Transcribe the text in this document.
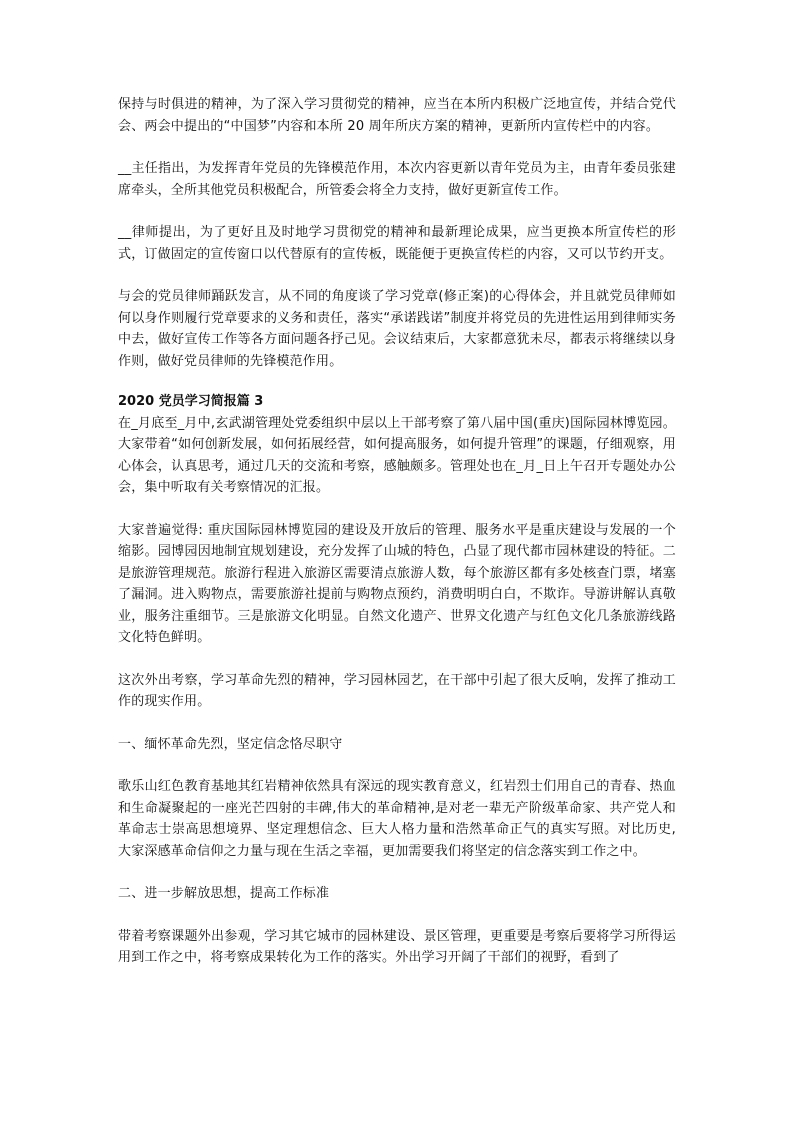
保持与时俱进的精神，为了深入学习贯彻党的精神，应当在本所内积极广泛地宣传，并结合党代会、两会中提出的“中国梦”内容和本所 20 周年所庆方案的精神，更新所内宣传栏中的内容。

__主任指出，为发挥青年党员的先锋模范作用，本次内容更新以青年党员为主，由青年委员张建席牵头，全所其他党员积极配合，所管委会将全力支持，做好更新宣传工作。

__律师提出，为了更好且及时地学习贯彻党的精神和最新理论成果，应当更换本所宣传栏的形式，订做固定的宣传窗口以代替原有的宣传板，既能便于更换宣传栏的内容，又可以节约开支。

与会的党员律师踊跃发言，从不同的角度谈了学习党章(修正案)的心得体会，并且就党员律师如何以身作则履行党章要求的义务和责任，落实“承诺践诺”制度并将党员的先进性运用到律师实务中去，做好宣传工作等各方面问题各抒己见。会议结束后，大家都意犹未尽，都表示将继续以身作则，做好党员律师的先锋模范作用。

2020 党员学习简报篇 3

在_月底至_月中,玄武湖管理处党委组织中层以上干部考察了第八届中国(重庆)国际园林博览园。大家带着“如何创新发展，如何拓展经营，如何提高服务，如何提升管理”的课题，仔细观察，用心体会，认真思考，通过几天的交流和考察，感触颇多。管理处也在_月_日上午召开专题处办公会，集中听取有关考察情况的汇报。

大家普遍觉得: 重庆国际园林博览园的建设及开放后的管理、服务水平是重庆建设与发展的一个缩影。园博园因地制宜规划建设，充分发挥了山城的特色，凸显了现代都市园林建设的特征。二是旅游管理规范。旅游行程进入旅游区需要清点旅游人数，每个旅游区都有多处核查门票，堵塞了漏洞。进入购物点，需要旅游社提前与购物点预约，消费明明白白，不欺诈。导游讲解认真敬业，服务注重细节。三是旅游文化明显。自然文化遗产、世界文化遗产与红色文化几条旅游线路文化特色鲜明。

这次外出考察，学习革命先烈的精神，学习园林园艺，在干部中引起了很大反响，发挥了推动工作的现实作用。

一、缅怀革命先烈，坚定信念恪尽职守

歌乐山红色教育基地其红岩精神依然具有深远的现实教育意义，红岩烈士们用自己的青春、热血和生命凝聚起的一座光芒四射的丰碑,伟大的革命精神,是对老一辈无产阶级革命家、共产党人和革命志士崇高思想境界、坚定理想信念、巨大人格力量和浩然革命正气的真实写照。对比历史,大家深感革命信仰之力量与现在生活之幸福，更加需要我们将坚定的信念落实到工作之中。

二、进一步解放思想，提高工作标准

带着考察课题外出参观，学习其它城市的园林建设、景区管理，更重要是考察后要将学习所得运用到工作之中，将考察成果转化为工作的落实。外出学习开阔了干部们的视野，看到了
